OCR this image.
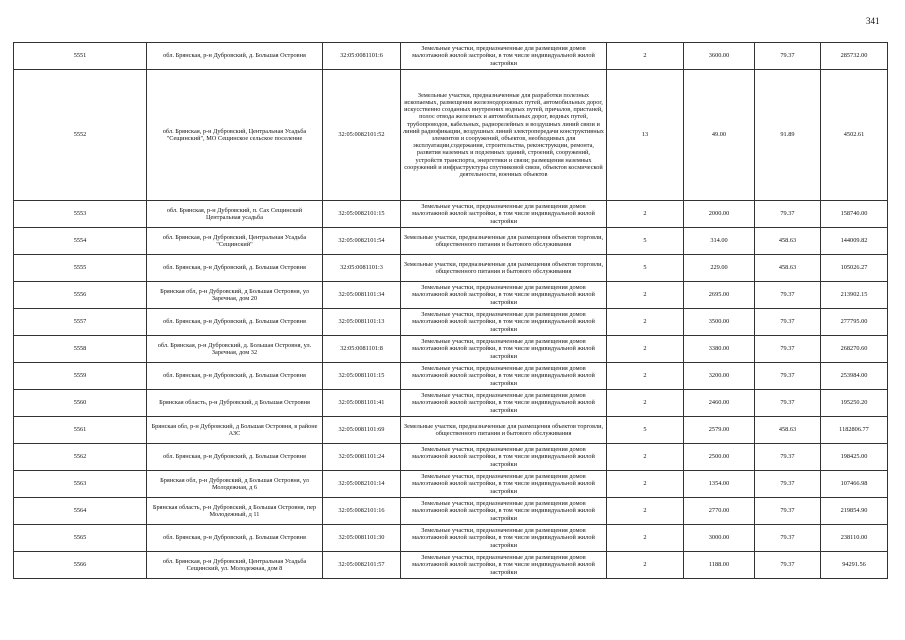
341
5551	обл. Брянская, р-н Дубровский, д. Большая Островня	32:05:0081101:6	Земельные участки, предназначенные для размещения домов малоэтажной жилой застройки, в том числе индивидуальной жилой застройки	2	3600.00	79.37	285732.00
5552	обл. Брянская, р-н Дубровский, Центральная Усадьба "Сещинский", МО Сещинское сельское поселение	32:05:0082101:52	Земельные участки, предназначенные для разработки полезных ископаемых, размещения железнодорожных путей, автомобильных дорог, искусственно созданных внутренних водных путей, причалов, пристаней, полос отвода железных и автомобильных дорог, водных путей, трубопроводов, кабельных, радиорелейных и воздушных линий связи и линий радиофикации, воздушных линий электропередачи конструктивных элементов и сооружений, объектов, необходимых для эксплуатации,содержания, строительства, реконструкции, ремонта, развития наземных и подземных зданий, строений, сооружений, устройств транспорта, энергетики и связи; размещения наземных сооружений и инфраструктуры спутниковой связи, объектов космической деятельности, военных объектов	13	49.00	91.89	4502.61
5553	обл. Брянская, р-н Дубровский, п. Сах Сещинский Центральная усадьба	32:05:0082101:15	Земельные участки, предназначенные для размещения домов малоэтажной жилой застройки, в том числе индивидуальной жилой застройки	2	2000.00	79.37	158740.00
5554	обл. Брянская, р-н Дубровский, Центральная Усадьба "Сещинский"	32:05:0082101:54	Земельные участки, предназначенные для размещения объектов торговли, общественного питания и бытового обслуживания	5	314.00	458.63	144009.82
5555	обл. Брянская, р-н Дубровский, д. Большая Островня	32:05:0081101:3	Земельные участки, предназначенные для размещения объектов торговли, общественного питания и бытового обслуживания	5	229.00	458.63	105026.27
5556	Брянская обл, р-н Дубровский, д Большая Островня, ул Заречная, дом 20	32:05:0081101:34	Земельные участки, предназначенные для размещения домов малоэтажной жилой застройки, в том числе индивидуальной жилой застройки	2	2695.00	79.37	213902.15
5557	обл. Брянская, р-н Дубровский, д. Большая Островня	32:05:0081101:13	Земельные участки, предназначенные для размещения домов малоэтажной жилой застройки, в том числе индивидуальной жилой застройки	2	3500.00	79.37	277795.00
5558	обл. Брянская, р-н Дубровский, д. Большая Островня, ул. Заречная, дом 32	32:05:0081101:8	Земельные участки, предназначенные для размещения домов малоэтажной жилой застройки, в том числе индивидуальной жилой застройки	2	3380.00	79.37	268270.60
5559	обл. Брянская, р-н Дубровский, д. Большая Островня	32:05:0081101:15	Земельные участки, предназначенные для размещения домов малоэтажной жилой застройки, в том числе индивидуальной жилой застройки	2	3200.00	79.37	253984.00
5560	Брянская область, р-н Дубровский, д Большая Островня	32:05:0081101:41	Земельные участки, предназначенные для размещения домов малоэтажной жилой застройки, в том числе индивидуальной жилой застройки	2	2460.00	79.37	195250.20
5561	Брянская обл, р-н Дубровский, д Большая Островня, в районе АЗС	32:05:0081101:69	Земельные участки, предназначенные для размещения объектов торговли, общественного питания и бытового обслуживания	5	2579.00	458.63	1182806.77
5562	обл. Брянская, р-н Дубровский, д. Большая Островня	32:05:0081101:24	Земельные участки, предназначенные для размещения домов малоэтажной жилой застройки, в том числе индивидуальной жилой застройки	2	2500.00	79.37	198425.00
5563	Брянская обл, р-н Дубровский, д Большая Островня, ул Молодежная, д 6	32:05:0082101:14	Земельные участки, предназначенные для размещения домов малоэтажной жилой застройки, в том числе индивидуальной жилой застройки	2	1354.00	79.37	107466.98
5564	Брянская область, р-н Дубровский, д Большая Островня, пер Молодежный, д 11	32:05:0082101:16	Земельные участки, предназначенные для размещения домов малоэтажной жилой застройки, в том числе индивидуальной жилой застройки	2	2770.00	79.37	219854.90
5565	обл. Брянская, р-н Дубровский, д. Большая Островня	32:05:0081101:30	Земельные участки, предназначенные для размещения домов малоэтажной жилой застройки, в том числе индивидуальной жилой застройки	2	3000.00	79.37	238110.00
5566	обл. Брянская, р-н Дубровский, Центральная Усадьба Сещинский, ул. Молодежная, дом 8	32:05:0082101:57	Земельные участки, предназначенные для размещения домов малоэтажной жилой застройки, в том числе индивидуальной жилой застройки	2	1188.00	79.37	94291.56
